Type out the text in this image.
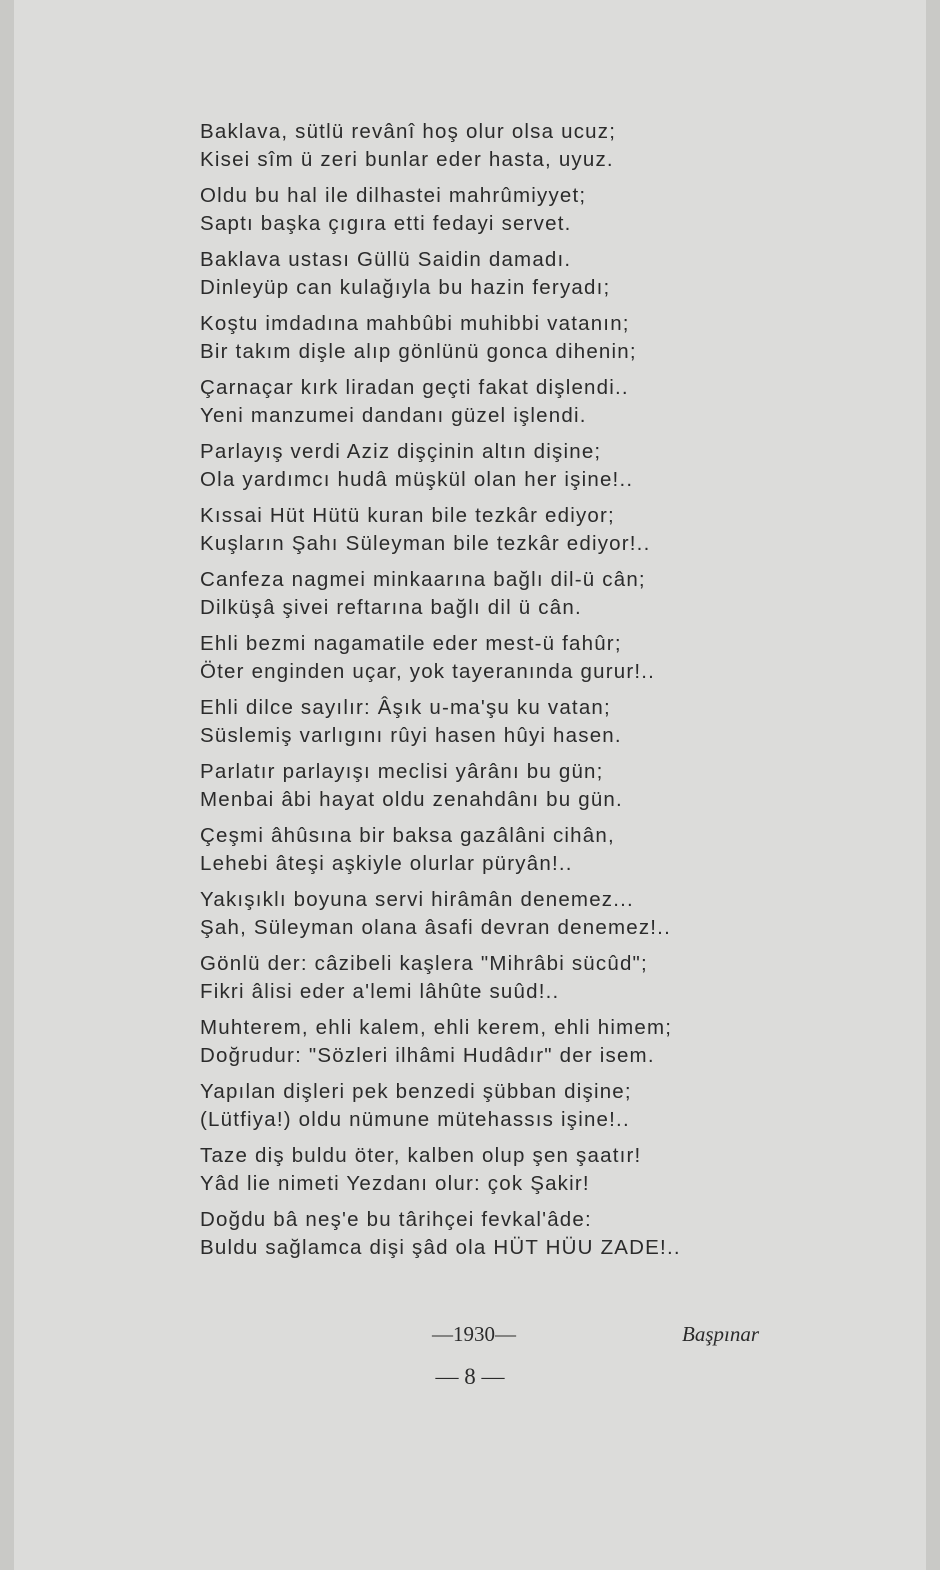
Baklava, sütlü revânî hoş olur olsa ucuz;
Kisei sîm ü zeri bunlar eder hasta, uyuz.
Oldu bu hal ile dilhastei mahrûmiyyet;
Saptı başka çıgıra etti fedayi servet.
Baklava ustası Güllü Saidin damadı.
Dinleyüp can kulağıyla bu hazin feryadı;
Koştu imdadına mahbûbi muhibbi vatanın;
Bir takım dişle alıp gönlünü gonca dihenin;
Çarnaçar kırk liradan geçti fakat dişlendi..
Yeni manzumei dandanı güzel işlendi.
Parlayış verdi Aziz dişçinin altın dişine;
Ola yardımcı hudâ müşkül olan her işine!..
Kıssai Hüt Hütü kuran bile tezkâr ediyor;
Kuşların Şahı Süleyman bile tezkâr ediyor!..
Canfeza nagmei minkaarına bağlı dil-ü cân;
Dilküşâ şivei reftarına bağlı dil ü cân.
Ehli bezmi nagamatile eder mest-ü fahûr;
Öter enginden uçar, yok tayeranında gurur!..
Ehli dilce sayılır: Âşık u-ma'şu ku vatan;
Süslemiş varlıgını rûyi hasen hûyi hasen.
Parlatır parlayışı meclisi yârânı bu gün;
Menbai âbi hayat oldu zenahdânı bu gün.
Çeşmi âhûsına bir baksa gazâlâni cihân,
Lehebi âteşi aşkiyle olurlar püryân!..
Yakışıklı boyuna servi hirâmân denemez...
Şah, Süleyman olana âsafi devran denemez!..
Gönlü der: câzibeli kaşlera "Mihrâbi sücûd";
Fikri âlisi eder a'lemi lâhûte suûd!..
Muhterem, ehli kalem, ehli kerem, ehli himem;
Doğrudur: "Sözleri ilhâmi Hudâdır" der isem.
Yapılan dişleri pek benzedi şübban dişine;
(Lütfiya!) oldu nümune mütehassıs işine!..
Taze diş buldu öter, kalben olup şen şaatır!
Yâd lie nimeti Yezdanı olur: çok Şakir!
Doğdu bâ neş'e bu târihçei fevkal'âde:
Buldu sağlamca dişi şâd ola HÜT HÜU ZADE!..
—1930—	Başpınar
— 8 —
